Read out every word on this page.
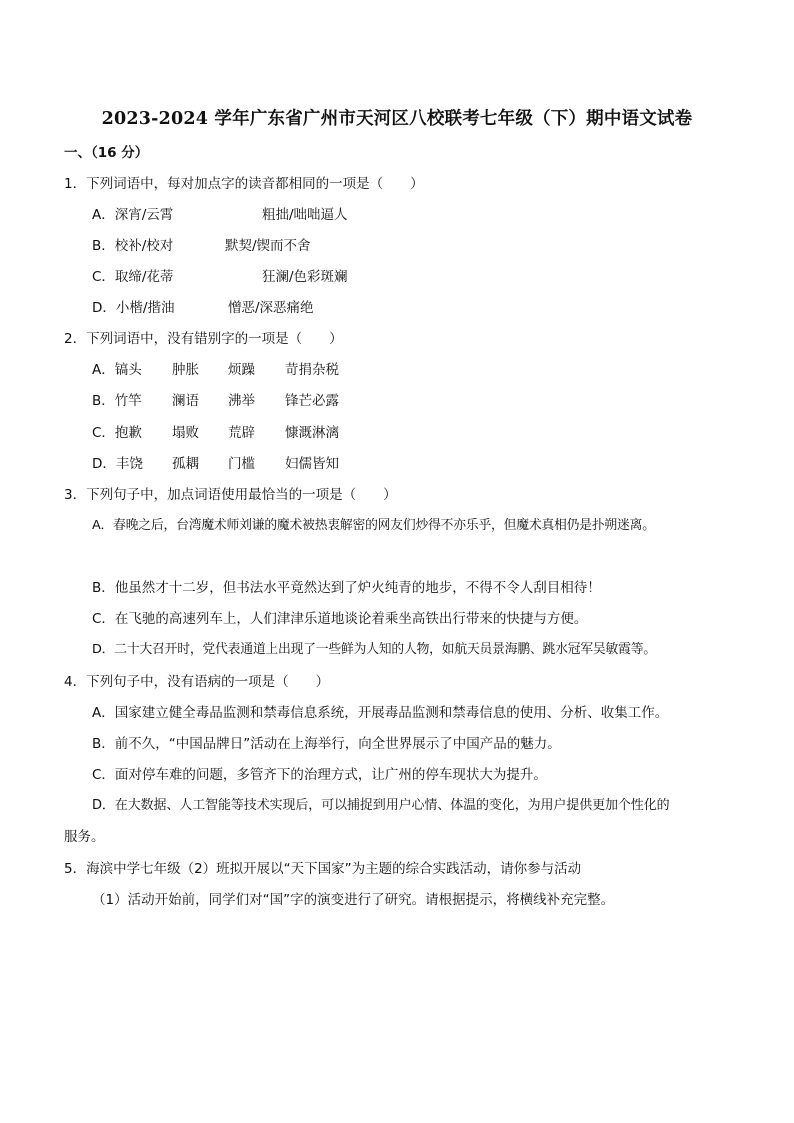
2023-2024 学年广东省广州市天河区八校联考七年级（下）期中语文试卷
一、（16 分）
1．下列词语中，每对加点字的读音都相同的一项是（　　）
A．深宵/云霄	粗拙/咄咄逼人
B．校补/校对	默契/锲而不舍
C．取缔/花蒂	狂澜/色彩斑斓
D．小楷/揩油	憎恶/深恶痛绝
2．下列词语中，没有错别字的一项是（　　）
A．镐头 肿胀 烦躁 苛捐杂税
B．竹竿 澜语 沸举 锋芒必露
C．抱歉 塌败 荒辟 慷溉淋漓
D．丰饶 孤耦 门槛 妇儒皆知
3．下列句子中，加点词语使用最恰当的一项是（　　）
A．春晚之后，台湾魔术师刘谦的魔术被热衷解密的网友们炒得不亦乐乎，但魔术真相仍是扑朔迷离。
B．他虽然才十二岁，但书法水平竟然达到了炉火纯青的地步，不得不令人刮目相待！
C．在飞驰的高速列车上，人们津津乐道地谈论着乘坐高铁出行带来的快捷与方便。
D．二十大召开时，党代表通道上出现了一些鲜为人知的人物，如航天员景海鹏、跳水冠军吴敏霞等。
4．下列句子中，没有语病的一项是（　　）
A．国家建立健全毒品监测和禁毒信息系统，开展毒品监测和禁毒信息的使用、分析、收集工作。
B．前不久，“中国品牌日”活动在上海举行，向全世界展示了中国产品的魅力。
C．面对停车难的问题，多管齐下的治理方式，让广州的停车现状大为提升。
D．在大数据、人工智能等技术实现后，可以捕捉到用户心情、体温的变化，为用户提供更加个性化的
服务。
5．海滨中学七年级（2）班拟开展以“天下国家”为主题的综合实践活动，请你参与活动
（1）活动开始前，同学们对“国”字的演变进行了研究。请根据提示，将横线补充完整。
